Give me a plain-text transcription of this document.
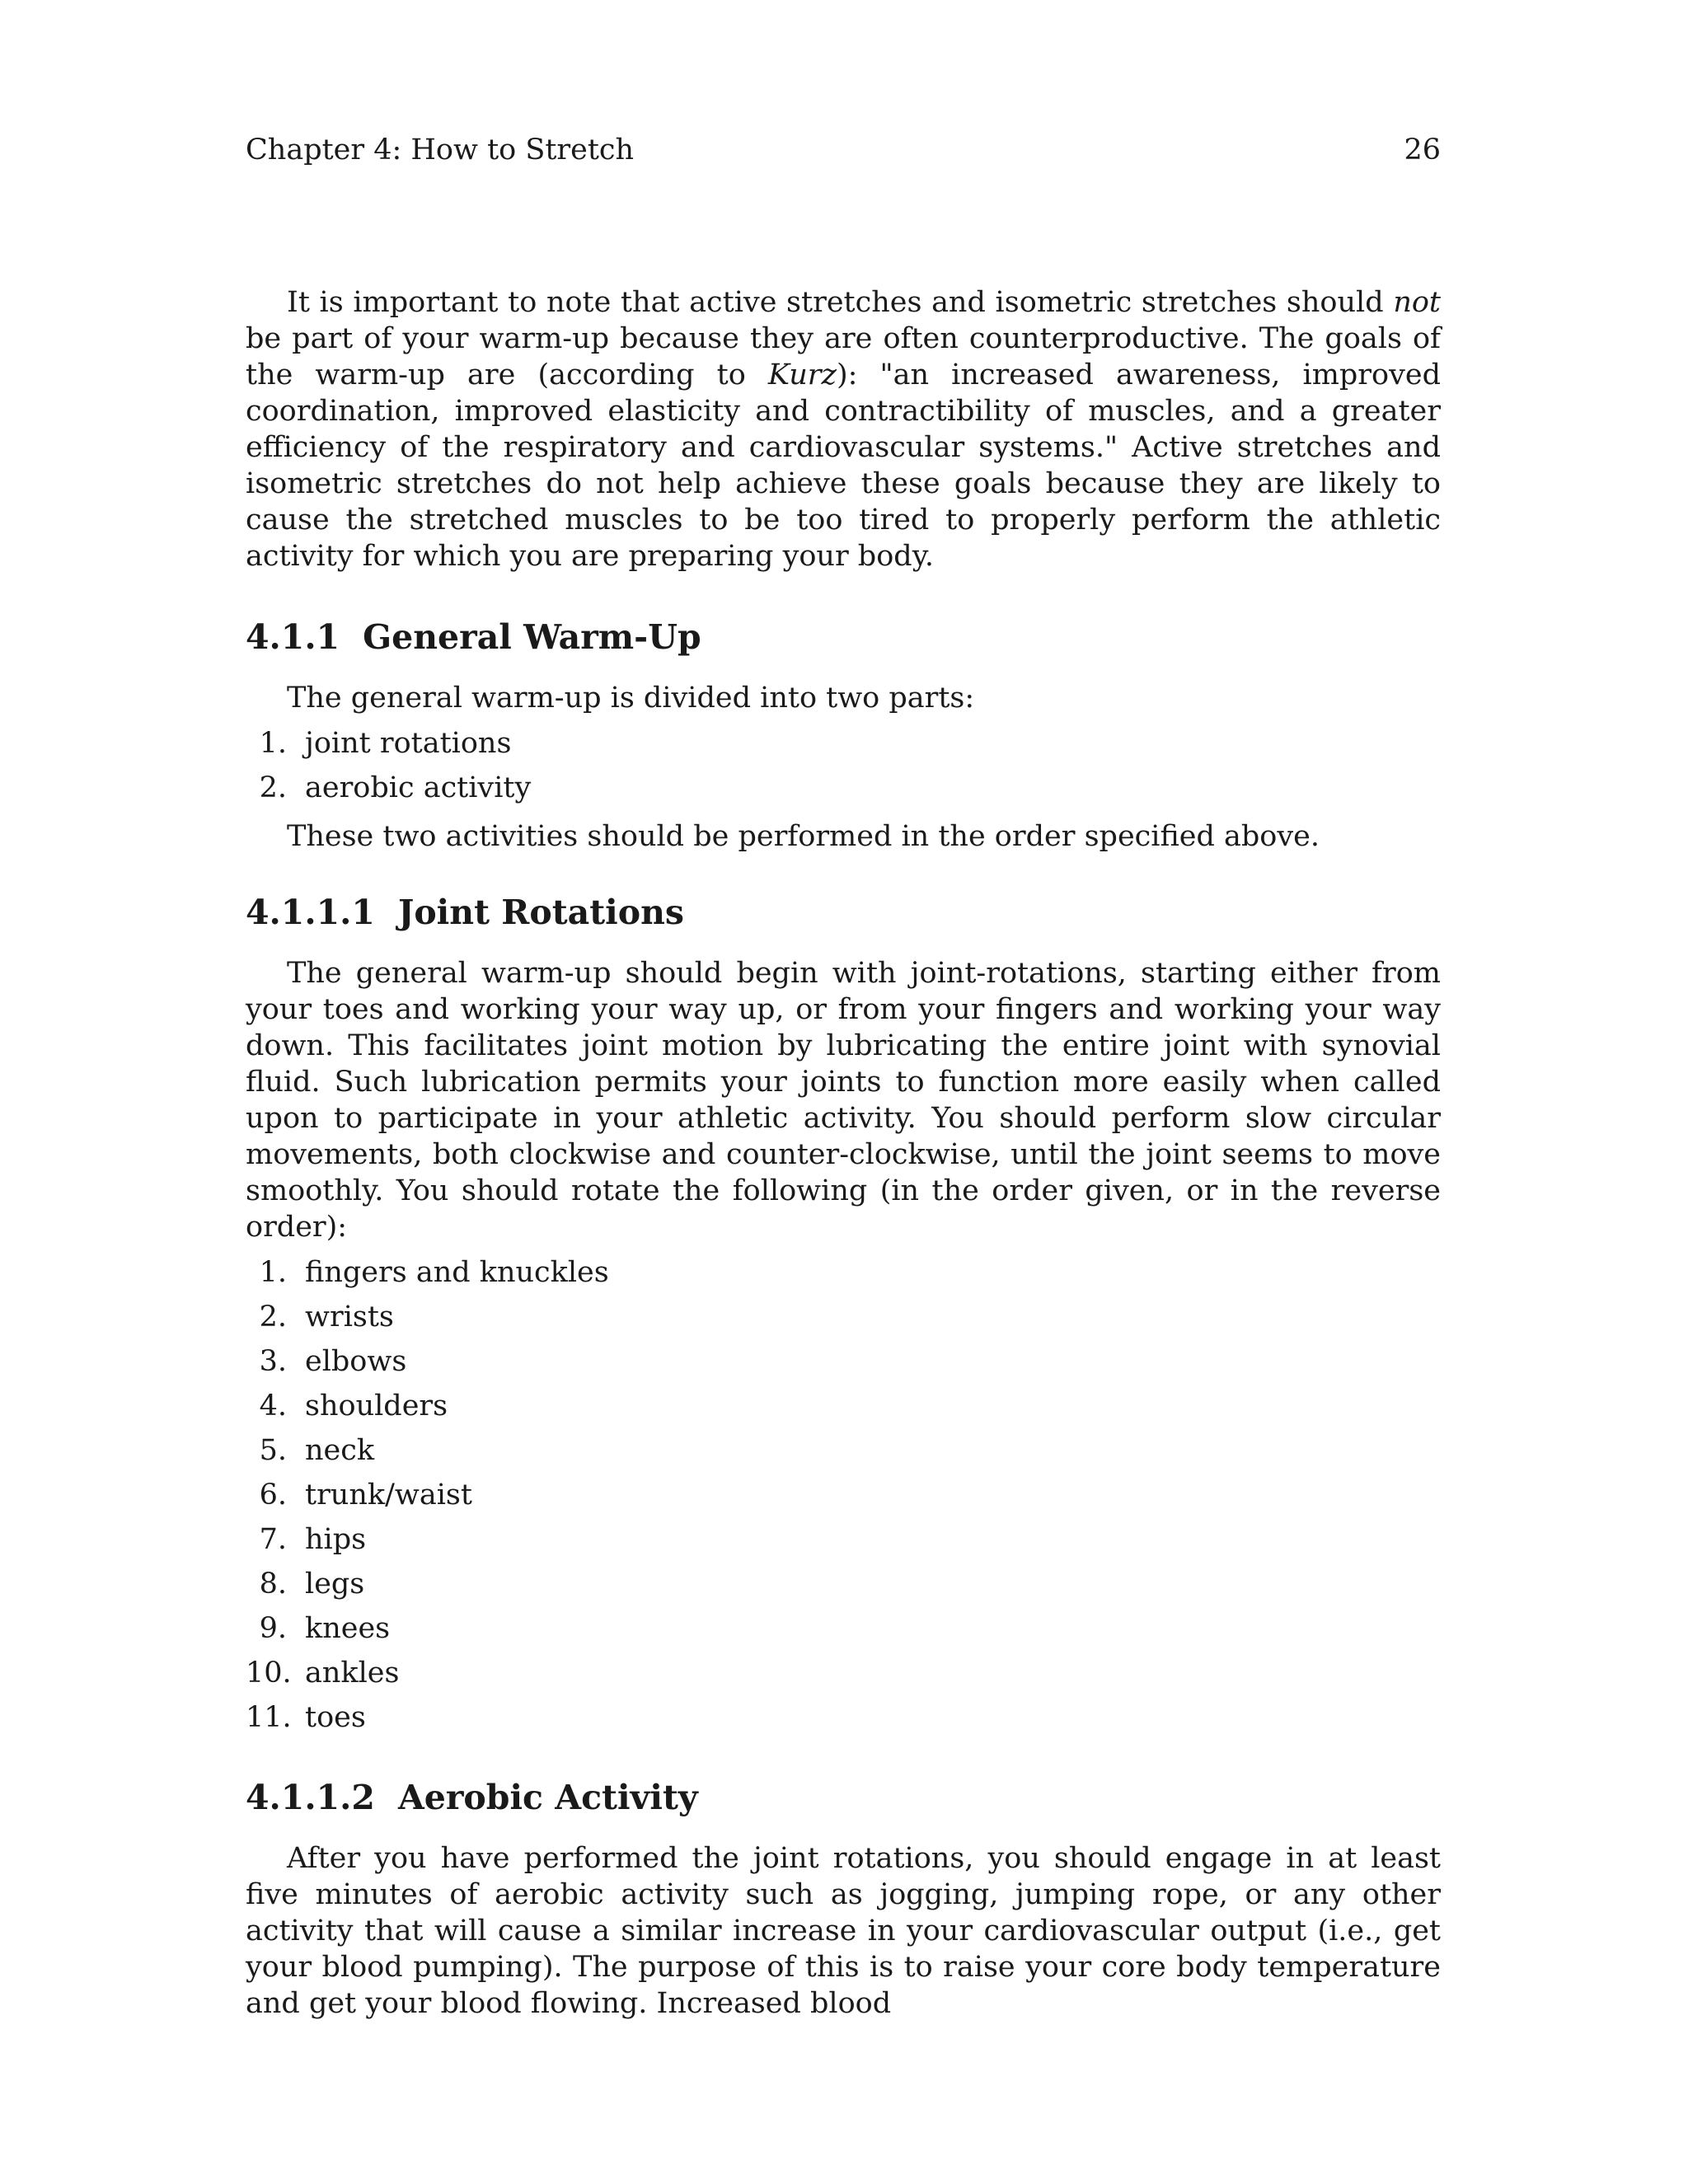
Chapter 4: How to Stretch	26

It is important to note that active stretches and isometric stretches should not be part of your warm-up because they are often counterproductive. The goals of the warm-up are (according to Kurz): "an increased awareness, improved coordination, improved elasticity and contractibility of muscles, and a greater efficiency of the respiratory and cardiovascular systems." Active stretches and isometric stretches do not help achieve these goals because they are likely to cause the stretched muscles to be too tired to properly perform the athletic activity for which you are preparing your body.

4.1.1 General Warm-Up

The general warm-up is divided into two parts:

1. joint rotations
2. aerobic activity

These two activities should be performed in the order specified above.

4.1.1.1 Joint Rotations

The general warm-up should begin with joint-rotations, starting either from your toes and working your way up, or from your fingers and working your way down. This facilitates joint motion by lubricating the entire joint with synovial fluid. Such lubrication permits your joints to function more easily when called upon to participate in your athletic activity. You should perform slow circular movements, both clockwise and counter-clockwise, until the joint seems to move smoothly. You should rotate the following (in the order given, or in the reverse order):

1. fingers and knuckles
2. wrists
3. elbows
4. shoulders
5. neck
6. trunk/waist
7. hips
8. legs
9. knees
10. ankles
11. toes
4.1.1.2 Aerobic Activity

After you have performed the joint rotations, you should engage in at least five minutes of aerobic activity such as jogging, jumping rope, or any other activity that will cause a similar increase in your cardiovascular output (i.e., get your blood pumping). The purpose of this is to raise your core body temperature and get your blood flowing. Increased blood
